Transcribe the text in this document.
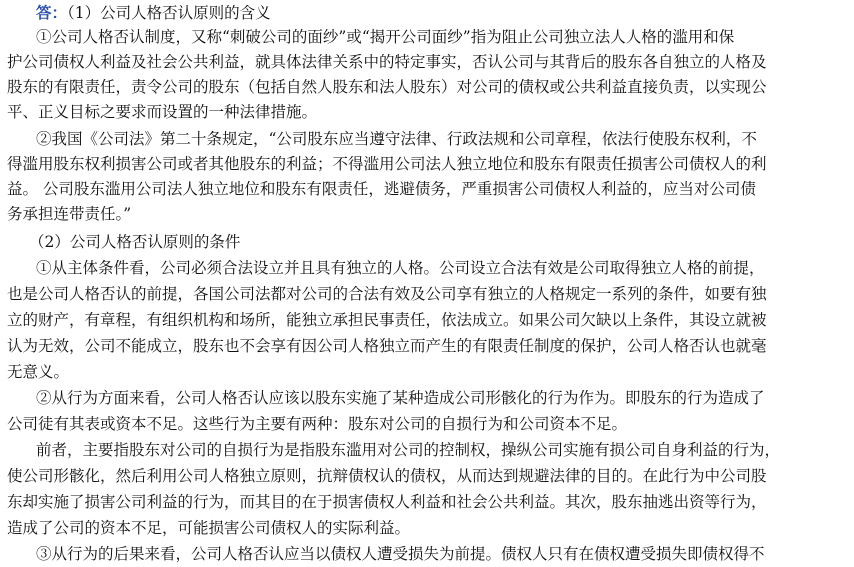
答：（1）公司人格否认原则的含义
①公司人格否认制度，又称“刺破公司的面纱”或“揭开公司面纱”指为阻止公司独立法人人格的滥用和保
护公司债权人利益及社会公共利益，就具体法律关系中的特定事实，否认公司与其背后的股东各自独立的人格及
股东的有限责任，责令公司的股东（包括自然人股东和法人股东）对公司的债权或公共利益直接负责，以实现公
平、正义目标之要求而设置的一种法律措施。
②我国《公司法》第二十条规定，“公司股东应当遵守法律、行政法规和公司章程，依法行使股东权利，不
得滥用股东权利损害公司或者其他股东的利益；不得滥用公司法人独立地位和股东有限责任损害公司债权人的利
益。 公司股东滥用公司法人独立地位和股东有限责任，逃避债务，严重损害公司债权人利益的，应当对公司债
务承担连带责任。”
（2）公司人格否认原则的条件
①从主体条件看，公司必须合法设立并且具有独立的人格。公司设立合法有效是公司取得独立人格的前提，
也是公司人格否认的前提，各国公司法都对公司的合法有效及公司享有独立的人格规定一系列的条件，如要有独
立的财产，有章程，有组织机构和场所，能独立承担民事责任，依法成立。如果公司欠缺以上条件，其设立就被
认为无效，公司不能成立，股东也不会享有因公司人格独立而产生的有限责任制度的保护，公司人格否认也就毫
无意义。
②从行为方面来看，公司人格否认应该以股东实施了某种造成公司形骸化的行为作为。即股东的行为造成了
公司徒有其表或资本不足。这些行为主要有两种：股东对公司的自损行为和公司资本不足。
前者，主要指股东对公司的自损行为是指股东滥用对公司的控制权，操纵公司实施有损公司自身利益的行为，
使公司形骸化，然后利用公司人格独立原则，抗辩债权认的债权，从而达到规避法律的目的。在此行为中公司股
东却实施了损害公司利益的行为，而其目的在于损害债权人利益和社会公共利益。其次，股东抽逃出资等行为，
造成了公司的资本不足，可能损害公司债权人的实际利益。
③从行为的后果来看，公司人格否认应当以债权人遭受损失为前提。债权人只有在债权遭受损失即债权得不
